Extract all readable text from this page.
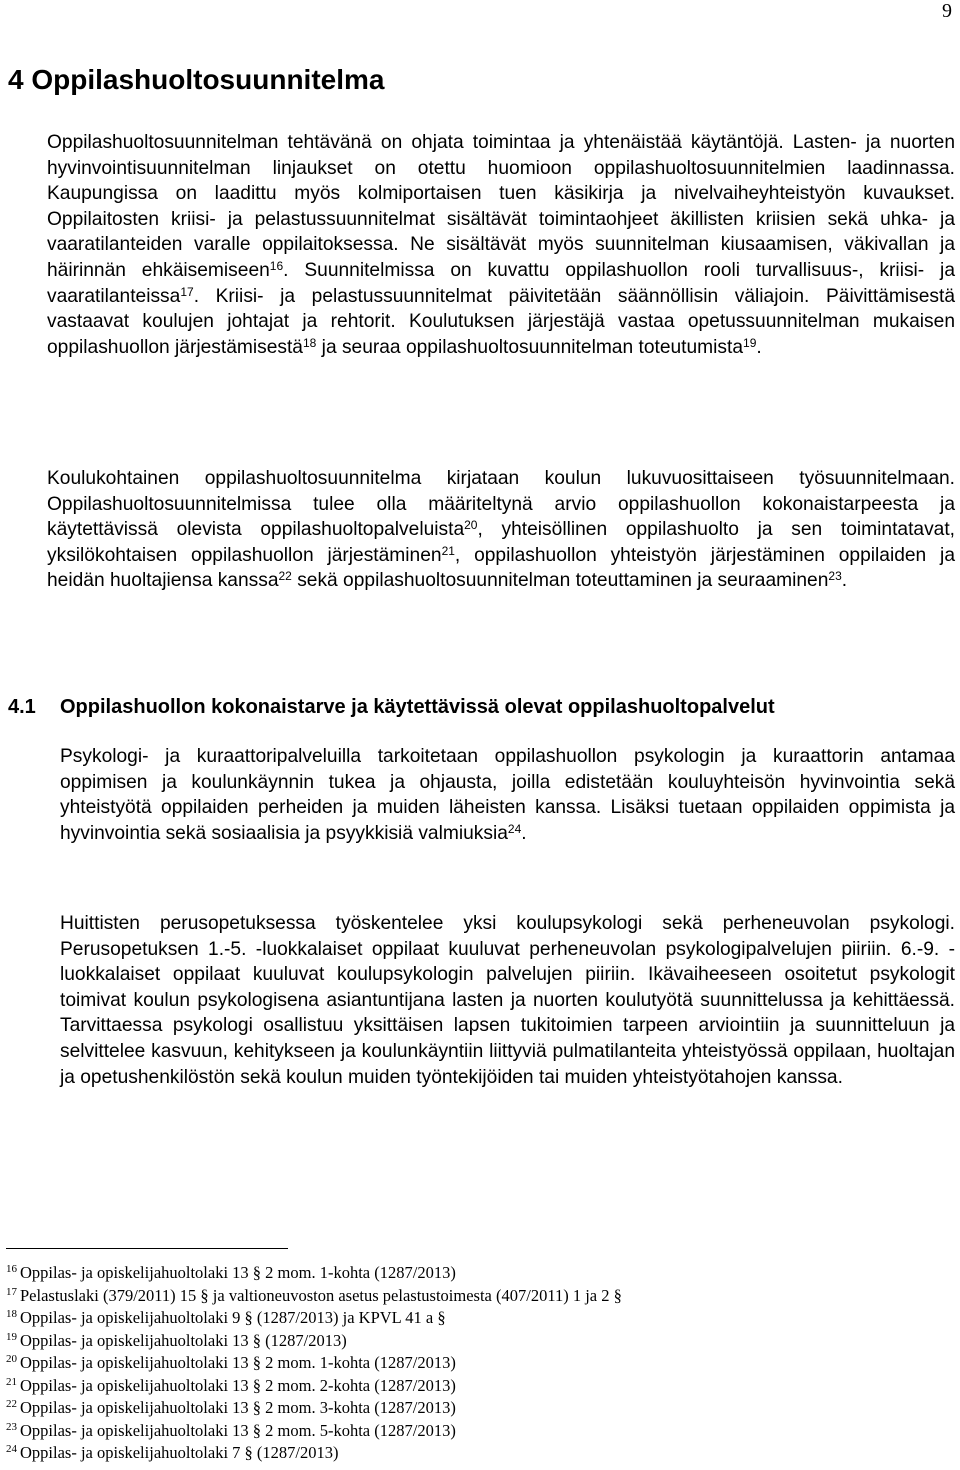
9
4 Oppilashuoltosuunnitelma

Oppilashuoltosuunnitelman tehtävänä on ohjata toimintaa ja yhtenäistää käytäntöjä. Lasten- ja nuorten hyvinvointisuunnitelman linjaukset on otettu huomioon oppilashuoltosuunnitelmien laadinnassa. Kaupungissa on laadittu myös kolmiportaisen tuen käsikirja ja nivelvaiheyhteistyön kuvaukset. Oppilaitosten kriisi- ja pelastussuunnitelmat sisältävät toimintaohjeet äkillisten kriisien sekä uhka- ja vaaratilanteiden varalle oppilaitoksessa. Ne sisältävät myös suunnitelman kiusaamisen, väkivallan ja häirinnän ehkäisemiseen$^{16}$. Suunnitelmissa on kuvattu oppilashuollon rooli turvallisuus-, kriisi- ja vaaratilanteissa$^{17}$. Kriisi- ja pelastussuunnitelmat päivitetään säännöllisin väliajoin. Päivittämisestä vastaavat koulujen johtajat ja rehtorit. Koulutuksen järjestäjä vastaa opetussuunnitelman mukaisen oppilashuollon järjestämisestä$^{18}$ ja seuraa oppilashuoltosuunnitelman toteutumista$^{19}$.

Koulukohtainen oppilashuoltosuunnitelma kirjataan koulun lukuvuosittaiseen työsuunnitelmaan. Oppilashuoltosuunnitelmissa tulee olla määriteltynä arvio oppilashuollon kokonaistarpeesta ja käytettävissä olevista oppilashuoltopalveluista$^{20}$, yhteisöllinen oppilashuolto ja sen toimintatavat, yksilökohtaisen oppilashuollon järjestäminen$^{21}$, oppilashuollon yhteistyön järjestäminen oppilaiden ja heidän huoltajiensa kanssa$^{22}$ sekä oppilashuoltosuunnitelman toteuttaminen ja seuraaminen$^{23}$.

4.1 Oppilashuollon kokonaistarve ja käytettävissä olevat oppilashuoltopalvelut

Psykologi- ja kuraattoripalveluilla tarkoitetaan oppilashuollon psykologin ja kuraattorin antamaa oppimisen ja koulunkäynnin tukea ja ohjausta, joilla edistetään kouluyhteisön hyvinvointia sekä yhteistyötä oppilaiden perheiden ja muiden läheisten kanssa. Lisäksi tuetaan oppilaiden oppimista ja hyvinvointia sekä sosiaalisia ja psyykkisiä valmiuksia$^{24}$.

Huittisten perusopetuksessa työskentelee yksi koulupsykologi sekä perheneuvolan psykologi. Perusopetuksen 1.-5. -luokkalaiset oppilaat kuuluvat perheneuvolan psykologipalvelujen piiriin. 6.-9. -luokkalaiset oppilaat kuuluvat koulupsykologin palvelujen piiriin. Ikävaiheeseen osoitetut psykologit toimivat koulun psykologisena asiantuntijana lasten ja nuorten koulutyötä suunnittelussa ja kehittäessä. Tarvittaessa psykologi osallistuu yksittäisen lapsen tukitoimien tarpeen arviointiin ja suunnitteluun ja selvittelee kasvuun, kehitykseen ja koulunkäyntiin liittyviä pulmatilanteita yhteistyössä oppilaan, huoltajan ja opetushenkilöstön sekä koulun muiden työntekijöiden tai muiden yhteistyötahojen kanssa.

$^{16}$ Oppilas- ja opiskelijahuoltolaki 13 § 2 mom. 1-kohta (1287/2013)
$^{17}$ Pelastuslaki (379/2011) 15 § ja valtioneuvoston asetus pelastustoimesta (407/2011) 1 ja 2 §
$^{18}$ Oppilas- ja opiskelijahuoltolaki 9 § (1287/2013) ja KPVL 41 a §
$^{19}$ Oppilas- ja opiskelijahuoltolaki 13 § (1287/2013)
$^{20}$ Oppilas- ja opiskelijahuoltolaki 13 § 2 mom. 1-kohta (1287/2013)
$^{21}$ Oppilas- ja opiskelijahuoltolaki 13 § 2 mom. 2-kohta (1287/2013)
$^{22}$ Oppilas- ja opiskelijahuoltolaki 13 § 2 mom. 3-kohta (1287/2013)
$^{23}$ Oppilas- ja opiskelijahuoltolaki 13 § 2 mom. 5-kohta (1287/2013)
$^{24}$ Oppilas- ja opiskelijahuoltolaki 7 § (1287/2013)
